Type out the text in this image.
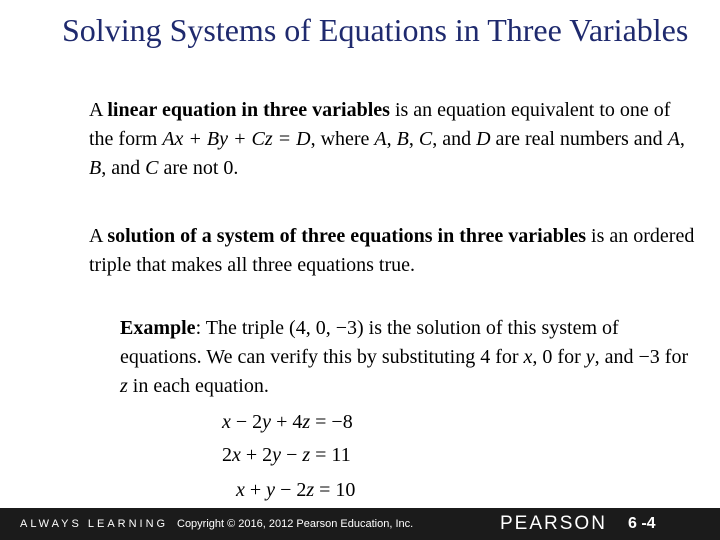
Solving Systems of Equations in Three Variables
A linear equation in three variables is an equation equivalent to one of the form Ax + By + Cz = D, where A, B, C, and D are real numbers and A, B, and C are not 0.
A solution of a system of three equations in three variables is an ordered triple that makes all three equations true.
Example: The triple (4, 0, −3) is the solution of this system of equations. We can verify this by substituting 4 for x, 0 for y, and −3 for z in each equation.
x − 2y + 4z = −8
2x + 2y − z = 11
x + y − 2z = 10
ALWAYS LEARNING Copyright © 2016, 2012 Pearson Education, Inc.	PEARSON 6 -4
